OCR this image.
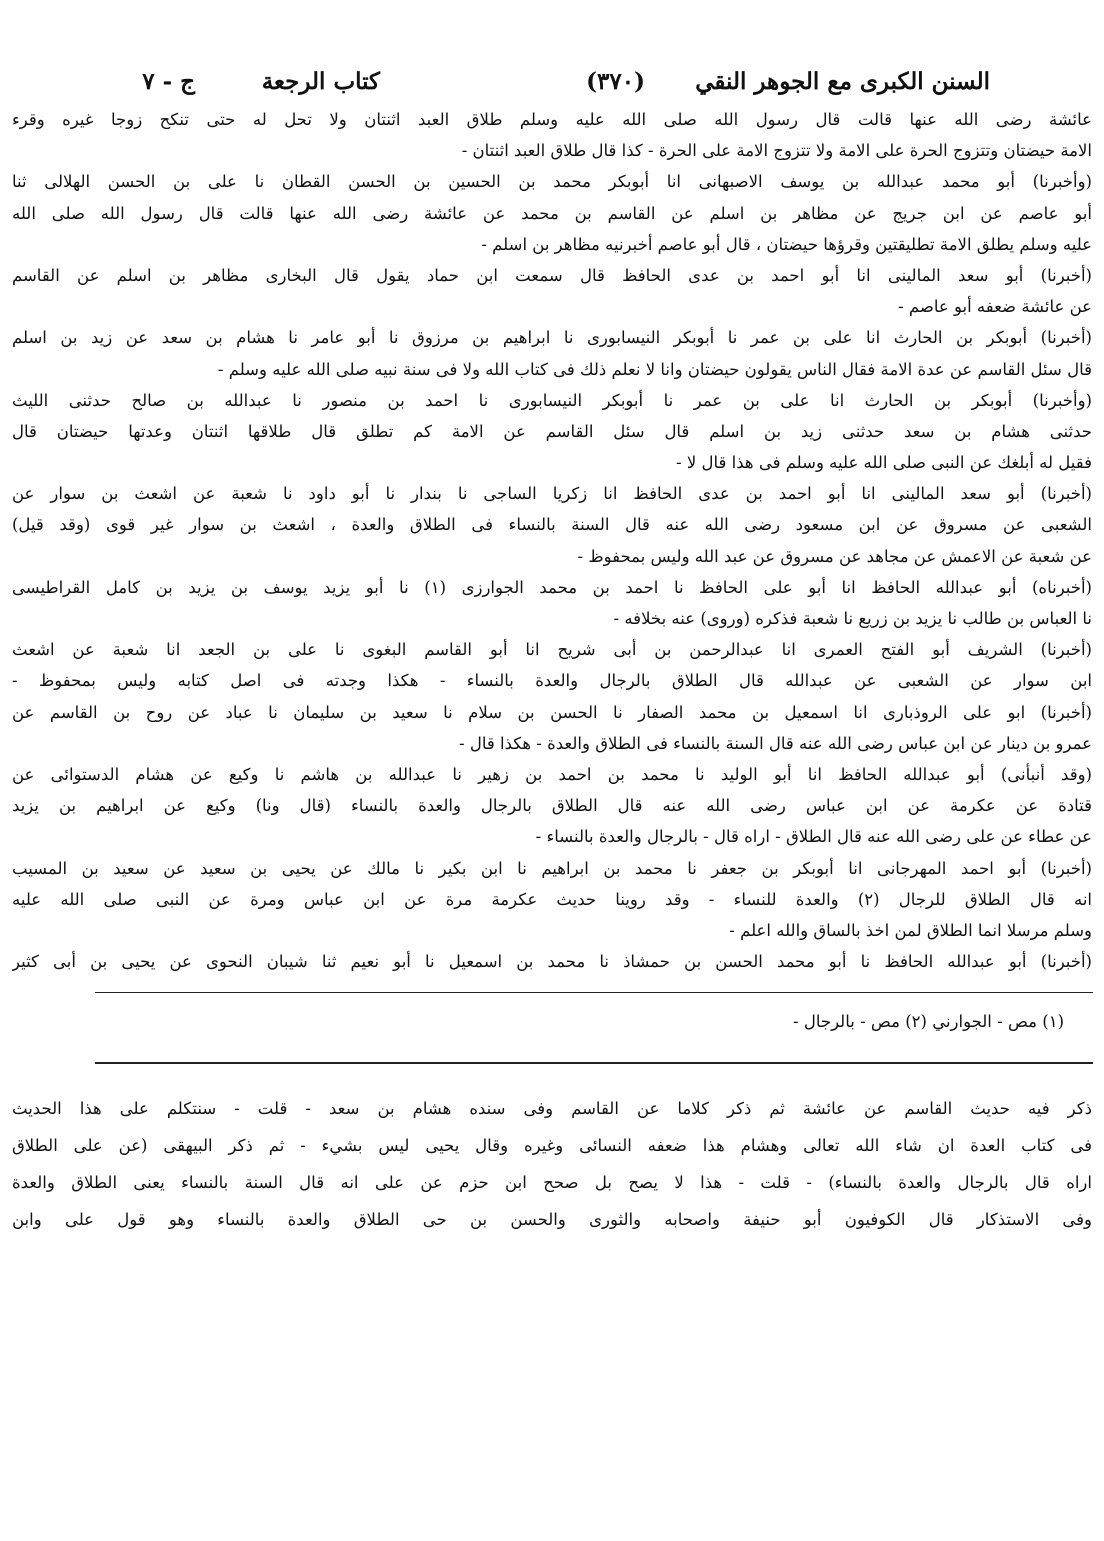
السنن الكبرى مع الجوهر النقي
(٣٧٠)
كتاب الرجعة
ج - ٧
عائشة رضى الله عنها قالت قال رسول الله صلى الله عليه وسلم طلاق العبد اثنتان ولا تحل له حتى تنكح زوجا غيره وقرء
الامة حيضتان وتتزوج الحرة على الامة ولا تتزوج الامة على الحرة - كذا قال طلاق العبد اثنتان -
(وأخبرنا) أبو محمد عبدالله بن يوسف الاصبهانى انا أبوبكر محمد بن الحسين بن الحسن القطان نا على بن الحسن الهلالى ثنا
أبو عاصم عن ابن جريج عن مظاهر بن اسلم عن القاسم بن محمد عن عائشة رضى الله عنها قالت قال رسول الله صلى الله
عليه وسلم يطلق الامة تطليقتين وقرؤها حيضتان ، قال أبو عاصم أخبرنيه مظاهر بن اسلم -
(أخبرنا) أبو سعد المالينى انا أبو احمد بن عدى الحافظ قال سمعت ابن حماد يقول قال البخارى مظاهر بن اسلم عن القاسم
عن عائشة ضعفه أبو عاصم -
(أخبرنا) أبوبكر بن الحارث انا على بن عمر نا أبوبكر النيسابورى نا ابراهيم بن مرزوق نا أبو عامر نا هشام بن سعد عن زيد بن اسلم
قال سئل القاسم عن عدة الامة فقال الناس يقولون حيضتان وانا لا نعلم ذلك فى كتاب الله ولا فى سنة نبيه صلى الله عليه وسلم -
(وأخبرنا) أبوبكر بن الحارث انا على بن عمر نا أبوبكر النيسابورى نا احمد بن منصور نا عبدالله بن صالح حدثنى الليث
حدثنى هشام بن سعد حدثنى زيد بن اسلم قال سئل القاسم عن الامة كم تطلق قال طلاقها اثنتان وعدتها حيضتان قال
فقيل له أبلغك عن النبى صلى الله عليه وسلم فى هذا قال لا -
(أخبرنا) أبو سعد المالينى انا أبو احمد بن عدى الحافظ انا زكريا الساجى نا بندار نا أبو داود نا شعبة عن اشعث بن سوار عن
الشعبى عن مسروق عن ابن مسعود رضى الله عنه قال السنة بالنساء فى الطلاق والعدة ، اشعث بن سوار غير قوى (وقد قيل)
عن شعبة عن الاعمش عن مجاهد عن مسروق عن عبد الله وليس بمحفوظ -
(أخبرناه) أبو عبدالله الحافظ انا أبو على الحافظ نا احمد بن محمد الجوارزى (١) نا أبو يزيد يوسف بن يزيد بن كامل القراطيسى
نا العباس بن طالب نا يزيد بن زريع نا شعبة فذكره (وروى) عنه بخلافه -
(أخبرنا) الشريف أبو الفتح العمرى انا عبدالرحمن بن أبى شريح انا أبو القاسم البغوى نا على بن الجعد انا شعبة عن اشعث
ابن سوار عن الشعبى عن عبدالله قال الطلاق بالرجال والعدة بالنساء - هكذا وجدته فى اصل كتابه وليس بمحفوظ -
(أخبرنا) ابو على الروذبارى انا اسمعيل بن محمد الصفار نا الحسن بن سلام نا سعيد بن سليمان نا عباد عن روح بن القاسم عن
عمرو بن دينار عن ابن عباس رضى الله عنه قال السنة بالنساء فى الطلاق والعدة - هكذا قال -
(وقد أنبأنى) أبو عبدالله الحافظ انا أبو الوليد نا محمد بن احمد بن زهير نا عبدالله بن هاشم نا وكيع عن هشام الدستوائى عن
قتادة عن عكرمة عن ابن عباس رضى الله عنه قال الطلاق بالرجال والعدة بالنساء (قال ونا) وكيع عن ابراهيم بن يزيد
عن عطاء عن على رضى الله عنه قال الطلاق - اراه قال - بالرجال والعدة بالنساء -
(أخبرنا) أبو احمد المهرجانى انا أبوبكر بن جعفر نا محمد بن ابراهيم نا ابن بكير نا مالك عن يحيى بن سعيد عن سعيد بن المسيب
انه قال الطلاق للرجال (٢) والعدة للنساء - وقد روينا حديث عكرمة مرة عن ابن عباس ومرة عن النبى صلى الله عليه
وسلم مرسلا انما الطلاق لمن اخذ بالساق والله اعلم -
(أخبرنا) أبو عبدالله الحافظ نا أبو محمد الحسن بن حمشاذ نا محمد بن اسمعيل نا أبو نعيم ثنا شيبان النحوى عن يحيى بن أبى كثير
(١) مص - الجوارني (٢) مص - بالرجال -
ذكر فيه حديث القاسم عن عائشة ثم ذكر كلاما عن القاسم وفى سنده هشام بن سعد - قلت - سنتكلم على هذا الحديث
فى كتاب العدة ان شاء الله تعالى وهشام هذا ضعفه النسائى وغيره وقال يحيى ليس بشيء - ثم ذكر البيهقى (عن على الطلاق
اراه قال بالرجال والعدة بالنساء) - قلت - هذا لا يصح بل صحح ابن حزم عن على انه قال السنة بالنساء يعنى الطلاق والعدة
وفى الاستذكار قال الكوفيون أبو حنيفة واصحابه والثورى والحسن بن حى الطلاق والعدة بالنساء وهو قول على وابن
